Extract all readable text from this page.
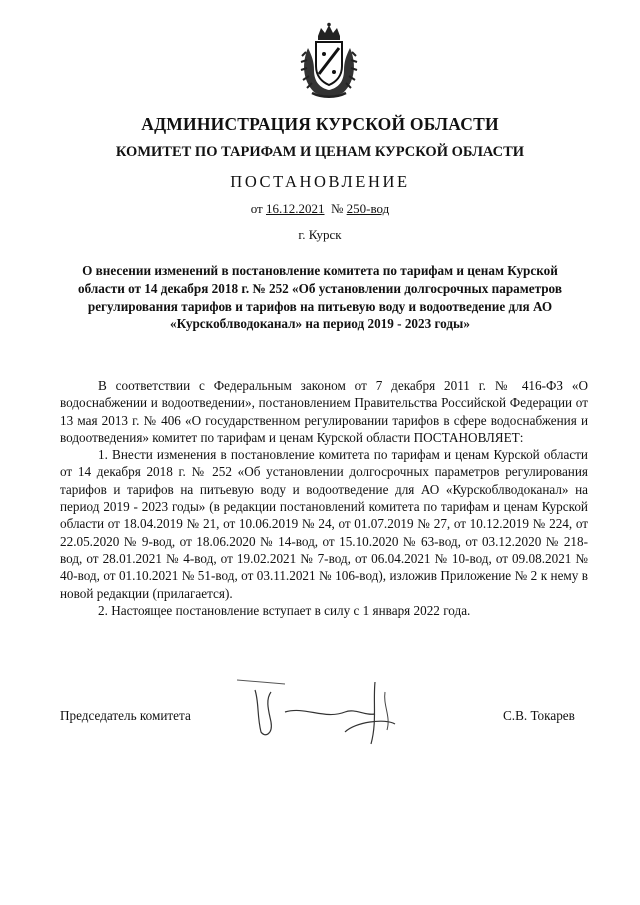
АДМИНИСТРАЦИЯ КУРСКОЙ ОБЛАСТИ
КОМИТЕТ ПО ТАРИФАМ И ЦЕНАМ КУРСКОЙ ОБЛАСТИ
ПОСТАНОВЛЕНИЕ
от 16.12.2021 № 250-вод
г. Курск
О внесении изменений в постановление комитета по тарифам и ценам Курской области от 14 декабря 2018 г. № 252 «Об установлении долгосрочных параметров регулирования тарифов и тарифов на питьевую воду и водоотведение для АО «Курскоблводоканал» на период 2019 - 2023 годы»

В соответствии с Федеральным законом от 7 декабря 2011 г. № 416-ФЗ «О водоснабжении и водоотведении», постановлением Правительства Российской Федерации от 13 мая 2013 г. № 406 «О государственном регулировании тарифов в сфере водоснабжения и водоотведения» комитет по тарифам и ценам Курской области ПОСТАНОВЛЯЕТ:

1. Внести изменения в постановление комитета по тарифам и ценам Курской области от 14 декабря 2018 г. № 252 «Об установлении долгосрочных параметров регулирования тарифов и тарифов на питьевую воду и водоотведение для АО «Курскоблводоканал» на период 2019 - 2023 годы» (в редакции постановлений комитета по тарифам и ценам Курской области от 18.04.2019 № 21, от 10.06.2019 № 24, от 01.07.2019 № 27, от 10.12.2019 № 224, от 22.05.2020 № 9-вод, от 18.06.2020 № 14-вод, от 15.10.2020 № 63-вод, от 03.12.2020 № 218-вод, от 28.01.2021 № 4-вод, от 19.02.2021 № 7-вод, от 06.04.2021 № 10-вод, от 09.08.2021 № 40-вод, от 01.10.2021 № 51-вод, от 03.11.2021 № 106-вод), изложив Приложение № 2 к нему в новой редакции (прилагается).

2. Настоящее постановление вступает в силу с 1 января 2022 года.

Председатель комитета	С.В. Токарев
